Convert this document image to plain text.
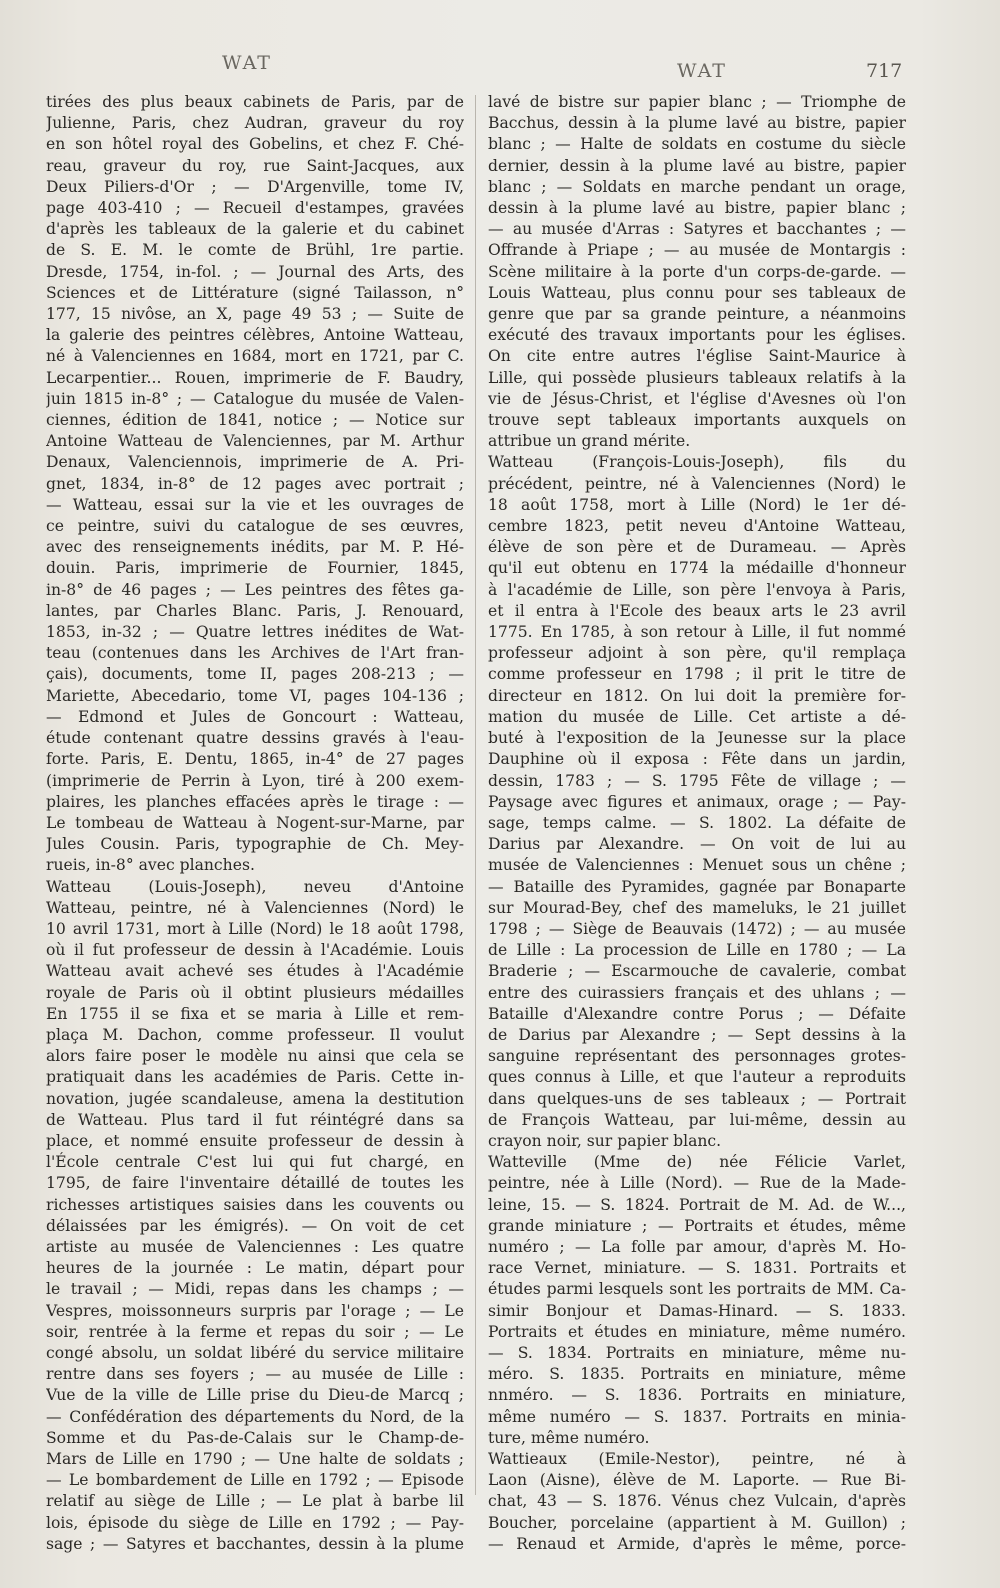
WAT	WAT	717
tirées des plus beaux cabinets de Paris, par de
Julienne, Paris, chez Audran, graveur du roy
en son hôtel royal des Gobelins, et chez F. Ché-
reau, graveur du roy, rue Saint-Jacques, aux
Deux Piliers-d'Or ; — D'Argenville, tome IV,
page 403-410 ; — Recueil d'estampes, gravées
d'après les tableaux de la galerie et du cabinet
de S. E. M. le comte de Brühl, 1re partie.
Dresde, 1754, in-fol. ; — Journal des Arts, des
Sciences et de Littérature (signé Tailasson, n°
177, 15 nivôse, an X, page 49 53 ; — Suite de
la galerie des peintres célèbres, Antoine Watteau,
né à Valenciennes en 1684, mort en 1721, par C.
Lecarpentier... Rouen, imprimerie de F. Baudry,
juin 1815 in-8° ; — Catalogue du musée de Valen-
ciennes, édition de 1841, notice ; — Notice sur
Antoine Watteau de Valenciennes, par M. Arthur
Denaux, Valenciennois, imprimerie de A. Pri-
gnet, 1834, in-8° de 12 pages avec portrait ;
— Watteau, essai sur la vie et les ouvrages de
ce peintre, suivi du catalogue de ses œuvres,
avec des renseignements inédits, par M. P. Hé-
douin. Paris, imprimerie de Fournier, 1845,
in-8° de 46 pages ; — Les peintres des fêtes ga-
lantes, par Charles Blanc. Paris, J. Renouard,
1853, in-32 ; — Quatre lettres inédites de Wat-
teau (contenues dans les Archives de l'Art fran-
çais), documents, tome II, pages 208-213 ; —
Mariette, Abecedario, tome VI, pages 104-136 ;
— Edmond et Jules de Goncourt : Watteau,
étude contenant quatre dessins gravés à l'eau-
forte. Paris, E. Dentu, 1865, in-4° de 27 pages
(imprimerie de Perrin à Lyon, tiré à 200 exem-
plaires, les planches effacées après le tirage : —
Le tombeau de Watteau à Nogent-sur-Marne, par
Jules Cousin. Paris, typographie de Ch. Mey-
rueis, in-8° avec planches.
Watteau (Louis-Joseph), neveu d'Antoine
Watteau, peintre, né à Valenciennes (Nord) le
10 avril 1731, mort à Lille (Nord) le 18 août 1798,
où il fut professeur de dessin à l'Académie. Louis
Watteau avait achevé ses études à l'Académie
royale de Paris où il obtint plusieurs médailles
En 1755 il se fixa et se maria à Lille et rem-
plaça M. Dachon, comme professeur. Il voulut
alors faire poser le modèle nu ainsi que cela se
pratiquait dans les académies de Paris. Cette in-
novation, jugée scandaleuse, amena la destitution
de Watteau. Plus tard il fut réintégré dans sa
place, et nommé ensuite professeur de dessin à
l'École centrale C'est lui qui fut chargé, en
1795, de faire l'inventaire détaillé de toutes les
richesses artistiques saisies dans les couvents ou
délaissées par les émigrés). — On voit de cet
artiste au musée de Valenciennes : Les quatre
heures de la journée : Le matin, départ pour
le travail ; — Midi, repas dans les champs ; —
Vespres, moissonneurs surpris par l'orage ; — Le
soir, rentrée à la ferme et repas du soir ; — Le
congé absolu, un soldat libéré du service militaire
rentre dans ses foyers ; — au musée de Lille :
Vue de la ville de Lille prise du Dieu-de Marcq ;
— Confédération des départements du Nord, de la
Somme et du Pas-de-Calais sur le Champ-de-
Mars de Lille en 1790 ; — Une halte de soldats ;
— Le bombardement de Lille en 1792 ; — Episode
relatif au siège de Lille ; — Le plat à barbe lil
lois, épisode du siège de Lille en 1792 ; — Pay-
sage ; — Satyres et bacchantes, dessin à la plume
lavé de bistre sur papier blanc ; — Triomphe de
Bacchus, dessin à la plume lavé au bistre, papier
blanc ; — Halte de soldats en costume du siècle
dernier, dessin à la plume lavé au bistre, papier
blanc ; — Soldats en marche pendant un orage,
dessin à la plume lavé au bistre, papier blanc ;
— au musée d'Arras : Satyres et bacchantes ; —
Offrande à Priape ; — au musée de Montargis :
Scène militaire à la porte d'un corps-de-garde. —
Louis Watteau, plus connu pour ses tableaux de
genre que par sa grande peinture, a néanmoins
exécuté des travaux importants pour les églises.
On cite entre autres l'église Saint-Maurice à
Lille, qui possède plusieurs tableaux relatifs à la
vie de Jésus-Christ, et l'église d'Avesnes où l'on
trouve sept tableaux importants auxquels on
attribue un grand mérite.
Watteau (François-Louis-Joseph), fils du
précédent, peintre, né à Valenciennes (Nord) le
18 août 1758, mort à Lille (Nord) le 1er dé-
cembre 1823, petit neveu d'Antoine Watteau,
élève de son père et de Durameau. — Après
qu'il eut obtenu en 1774 la médaille d'honneur
à l'académie de Lille, son père l'envoya à Paris,
et il entra à l'Ecole des beaux arts le 23 avril
1775. En 1785, à son retour à Lille, il fut nommé
professeur adjoint à son père, qu'il remplaça
comme professeur en 1798 ; il prit le titre de
directeur en 1812. On lui doit la première for-
mation du musée de Lille. Cet artiste a dé-
buté à l'exposition de la Jeunesse sur la place
Dauphine où il exposa : Fête dans un jardin,
dessin, 1783 ; — S. 1795 Fête de village ; —
Paysage avec figures et animaux, orage ; — Pay-
sage, temps calme. — S. 1802. La défaite de
Darius par Alexandre. — On voit de lui au
musée de Valenciennes : Menuet sous un chêne ;
— Bataille des Pyramides, gagnée par Bonaparte
sur Mourad-Bey, chef des mameluks, le 21 juillet
1798 ; — Siège de Beauvais (1472) ; — au musée
de Lille : La procession de Lille en 1780 ; — La
Braderie ; — Escarmouche de cavalerie, combat
entre des cuirassiers français et des uhlans ; —
Bataille d'Alexandre contre Porus ; — Défaite
de Darius par Alexandre ; — Sept dessins à la
sanguine représentant des personnages grotes-
ques connus à Lille, et que l'auteur a reproduits
dans quelques-uns de ses tableaux ; — Portrait
de François Watteau, par lui-même, dessin au
crayon noir, sur papier blanc.
Watteville (Mme de) née Félicie Varlet,
peintre, née à Lille (Nord). — Rue de la Made-
leine, 15. — S. 1824. Portrait de M. Ad. de W...,
grande miniature ; — Portraits et études, même
numéro ; — La folle par amour, d'après M. Ho-
race Vernet, miniature. — S. 1831. Portraits et
études parmi lesquels sont les portraits de MM. Ca-
simir Bonjour et Damas-Hinard. — S. 1833.
Portraits et études en miniature, même numéro.
— S. 1834. Portraits en miniature, même nu-
méro. S. 1835. Portraits en miniature, même
nnméro. — S. 1836. Portraits en miniature,
même numéro — S. 1837. Portraits en minia-
ture, même numéro.
Wattieaux (Emile-Nestor), peintre, né à
Laon (Aisne), élève de M. Laporte. — Rue Bi-
chat, 43 — S. 1876. Vénus chez Vulcain, d'après
Boucher, porcelaine (appartient à M. Guillon) ;
— Renaud et Armide, d'après le même, porce-
